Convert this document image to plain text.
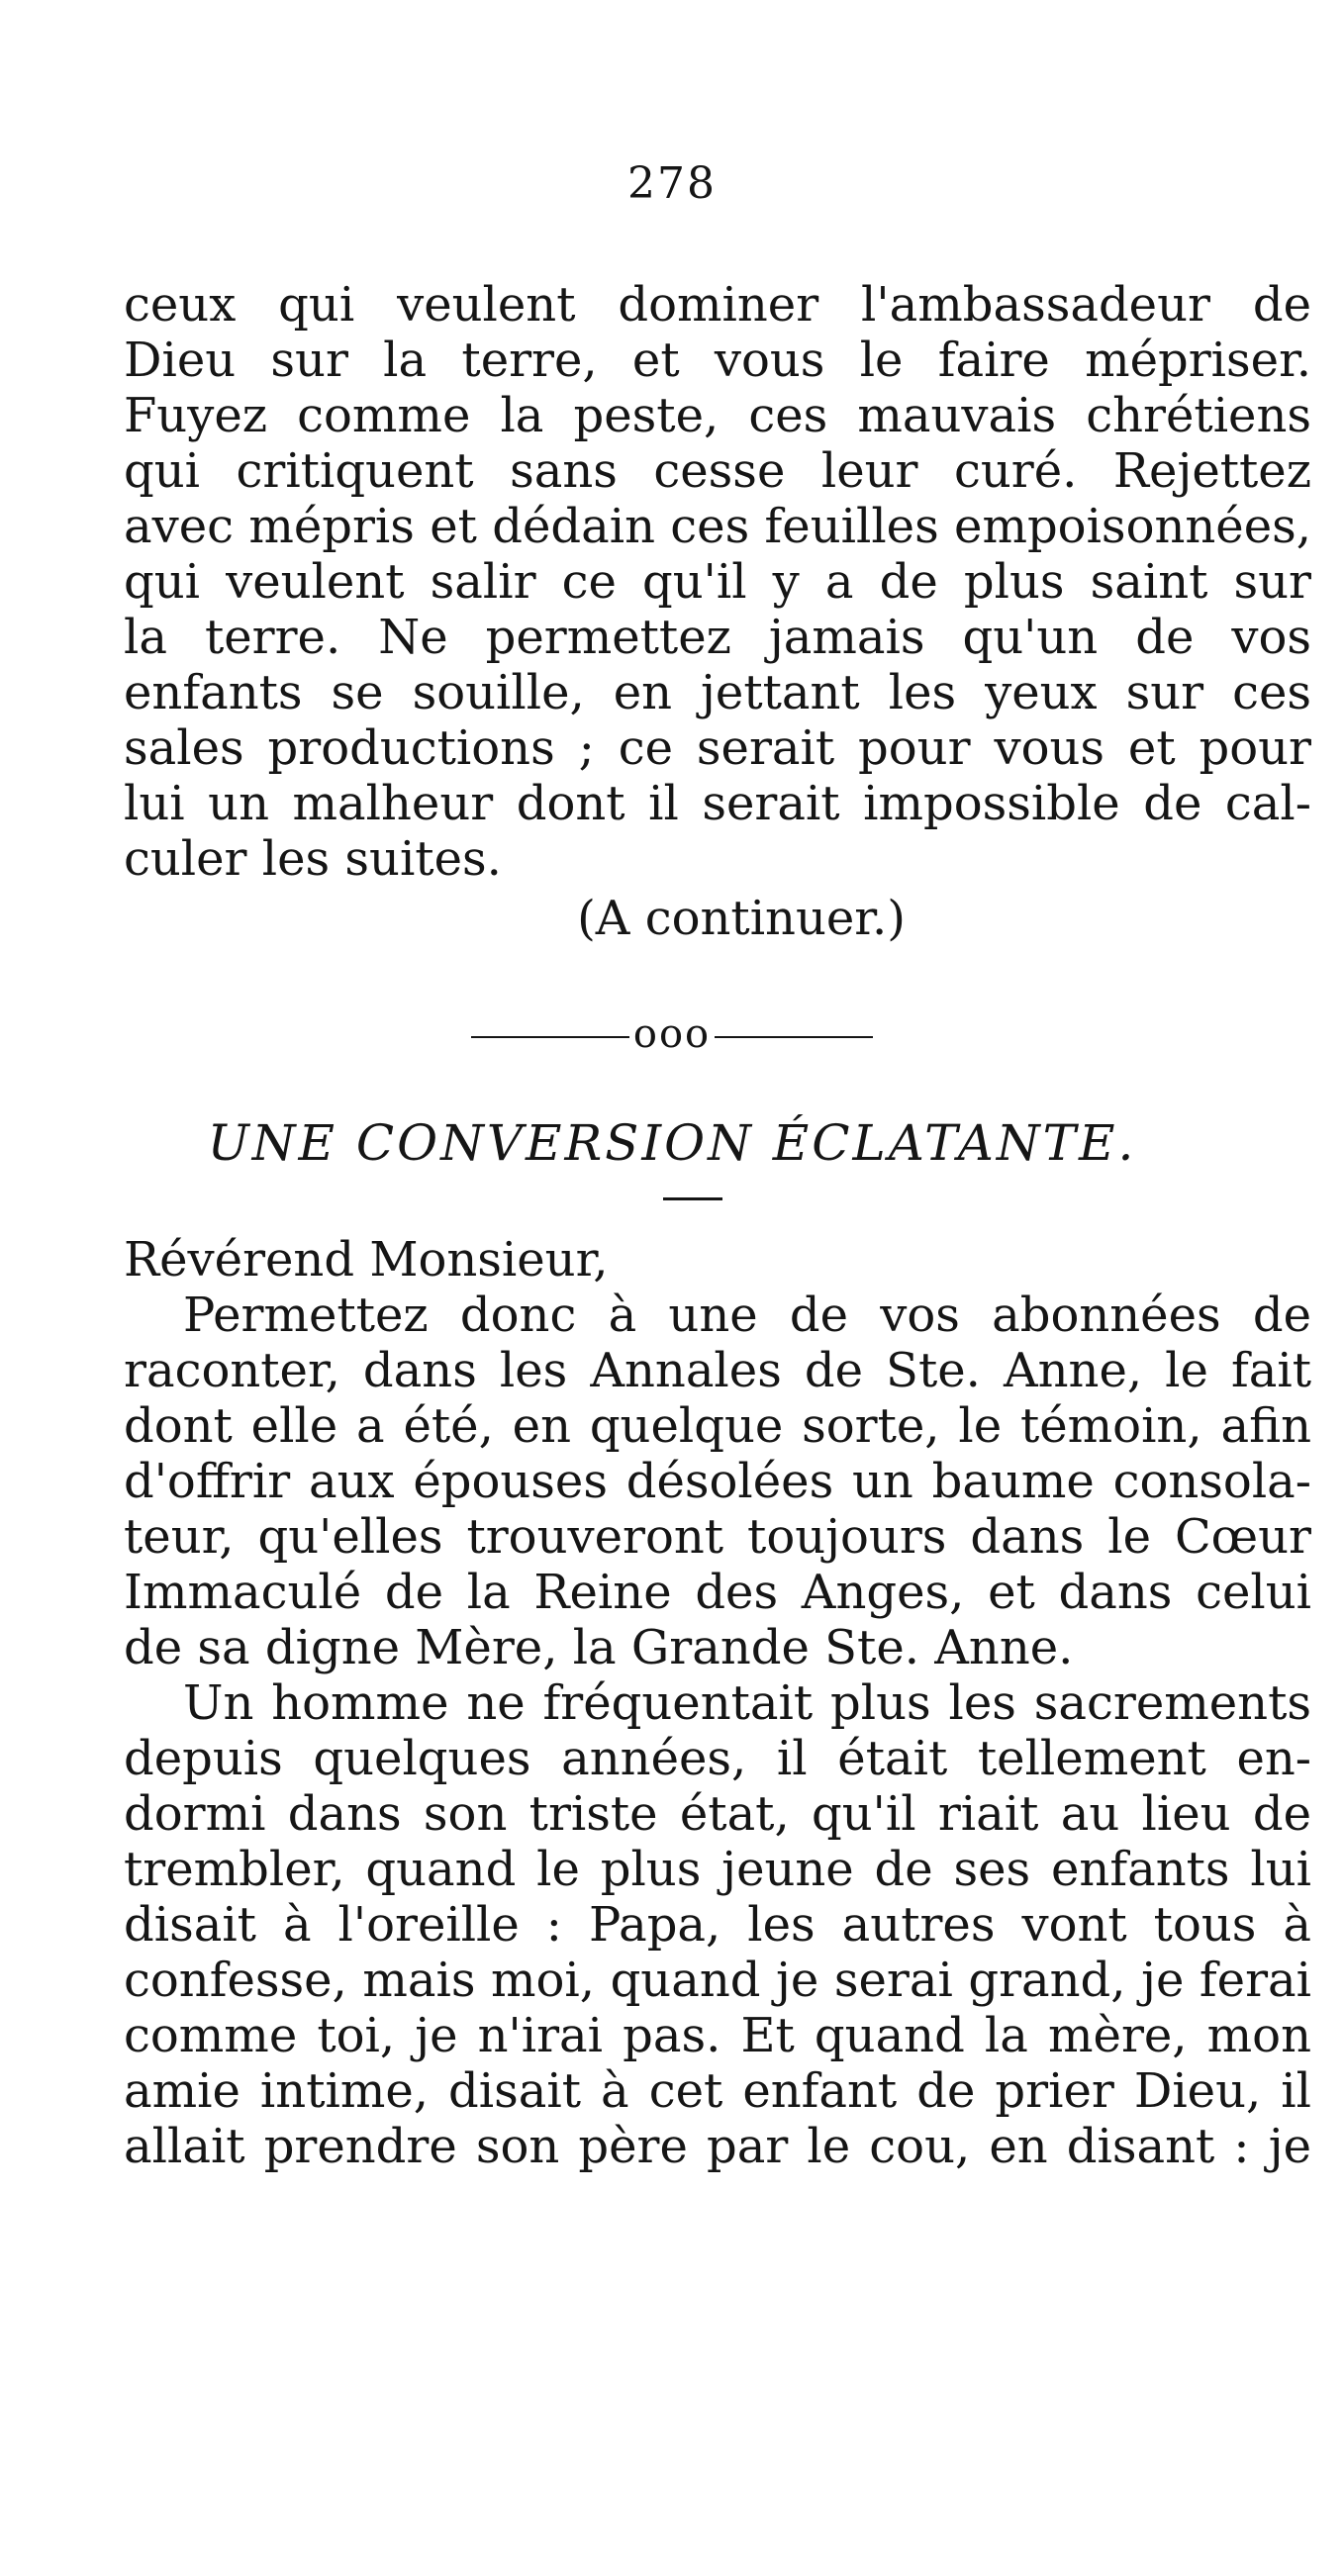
278
ceux qui veulent dominer l'ambassadeur de
Dieu sur la terre, et vous le faire mépriser.
Fuyez comme la peste, ces mauvais chrétiens
qui critiquent sans cesse leur curé. Rejettez
avec mépris et dédain ces feuilles empoisonnées,
qui veulent salir ce qu'il y a de plus saint sur
la terre. Ne permettez jamais qu'un de vos
enfants se souille, en jettant les yeux sur ces
sales productions ; ce serait pour vous et pour
lui un malheur dont il serait impossible de cal-
culer les suites.
(A continuer.)
ooo
UNE CONVERSION ÉCLATANTE.
Révérend Monsieur,
Permettez donc à une de vos abonnées de
raconter, dans les Annales de Ste. Anne, le fait
dont elle a été, en quelque sorte, le témoin, afin
d'offrir aux épouses désolées un baume consola-
teur, qu'elles trouveront toujours dans le Cœur
Immaculé de la Reine des Anges, et dans celui
de sa digne Mère, la Grande Ste. Anne.
Un homme ne fréquentait plus les sacrements
depuis quelques années, il était tellement en-
dormi dans son triste état, qu'il riait au lieu de
trembler, quand le plus jeune de ses enfants lui
disait à l'oreille : Papa, les autres vont tous à
confesse, mais moi, quand je serai grand, je ferai
comme toi, je n'irai pas. Et quand la mère, mon
amie intime, disait à cet enfant de prier Dieu, il
allait prendre son père par le cou, en disant : je
